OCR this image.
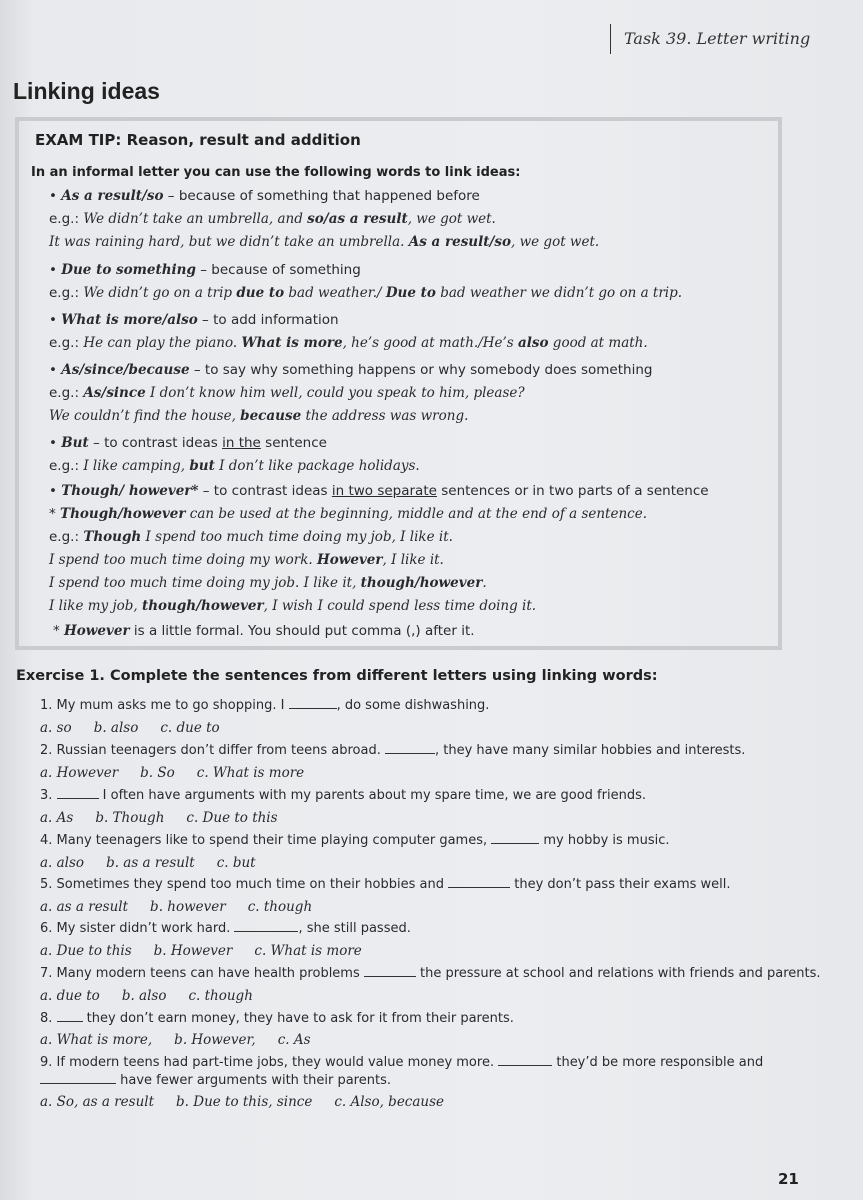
Task 39. Letter writing
Linking ideas
EXAM TIP: Reason, result and addition
In an informal letter you can use the following words to link ideas:
• As a result/so – because of something that happened before
e.g.: We didn’t take an umbrella, and so/as a result, we got wet.
It was raining hard, but we didn’t take an umbrella. As a result/so, we got wet.
• Due to something – because of something
e.g.: We didn’t go on a trip due to bad weather./ Due to bad weather we didn’t go on a trip.
• What is more/also – to add information
e.g.: He can play the piano. What is more, he’s good at math./He’s also good at math.
• As/since/because – to say why something happens or why somebody does something
e.g.: As/since I don’t know him well, could you speak to him, please?
We couldn’t find the house, because the address was wrong.
• But – to contrast ideas in the sentence
e.g.: I like camping, but I don’t like package holidays.
• Though/ however* – to contrast ideas in two separate sentences or in two parts of a sentence
* Though/however can be used at the beginning, middle and at the end of a sentence.
e.g.: Though I spend too much time doing my job, I like it.
I spend too much time doing my work. However, I like it.
I spend too much time doing my job. I like it, though/however.
I like my job, though/however, I wish I could spend less time doing it.
* However is a little formal. You should put comma (,) after it.
Exercise 1. Complete the sentences from different letters using linking words:
1. My mum asks me to go shopping. I	, do some dishwashing.
a. so b. also c. due to
2. Russian teenagers don’t differ from teens abroad.	, they have many similar hobbies and interests.
a. However b. So c. What is more
3.	I often have arguments with my parents about my spare time, we are good friends.
a. As b. Though c. Due to this
4. Many teenagers like to spend their time playing computer games,	my hobby is music.
a. also b. as a result c. but
5. Sometimes they spend too much time on their hobbies and	they don’t pass their exams well.
a. as a result b. however c. though
6. My sister didn’t work hard.	, she still passed.
a. Due to this b. However c. What is more
7. Many modern teens can have health problems	the pressure at school and relations with friends and parents.
a. due to b. also c. though
8.  they don’t earn money, they have to ask for it from their parents.
a. What is more, b. However, c. As
9. If modern teens had part-time jobs, they would value money more.	they’d be more responsible and
have fewer arguments with their parents.
a. So, as a result b. Due to this, since c. Also, because
21
